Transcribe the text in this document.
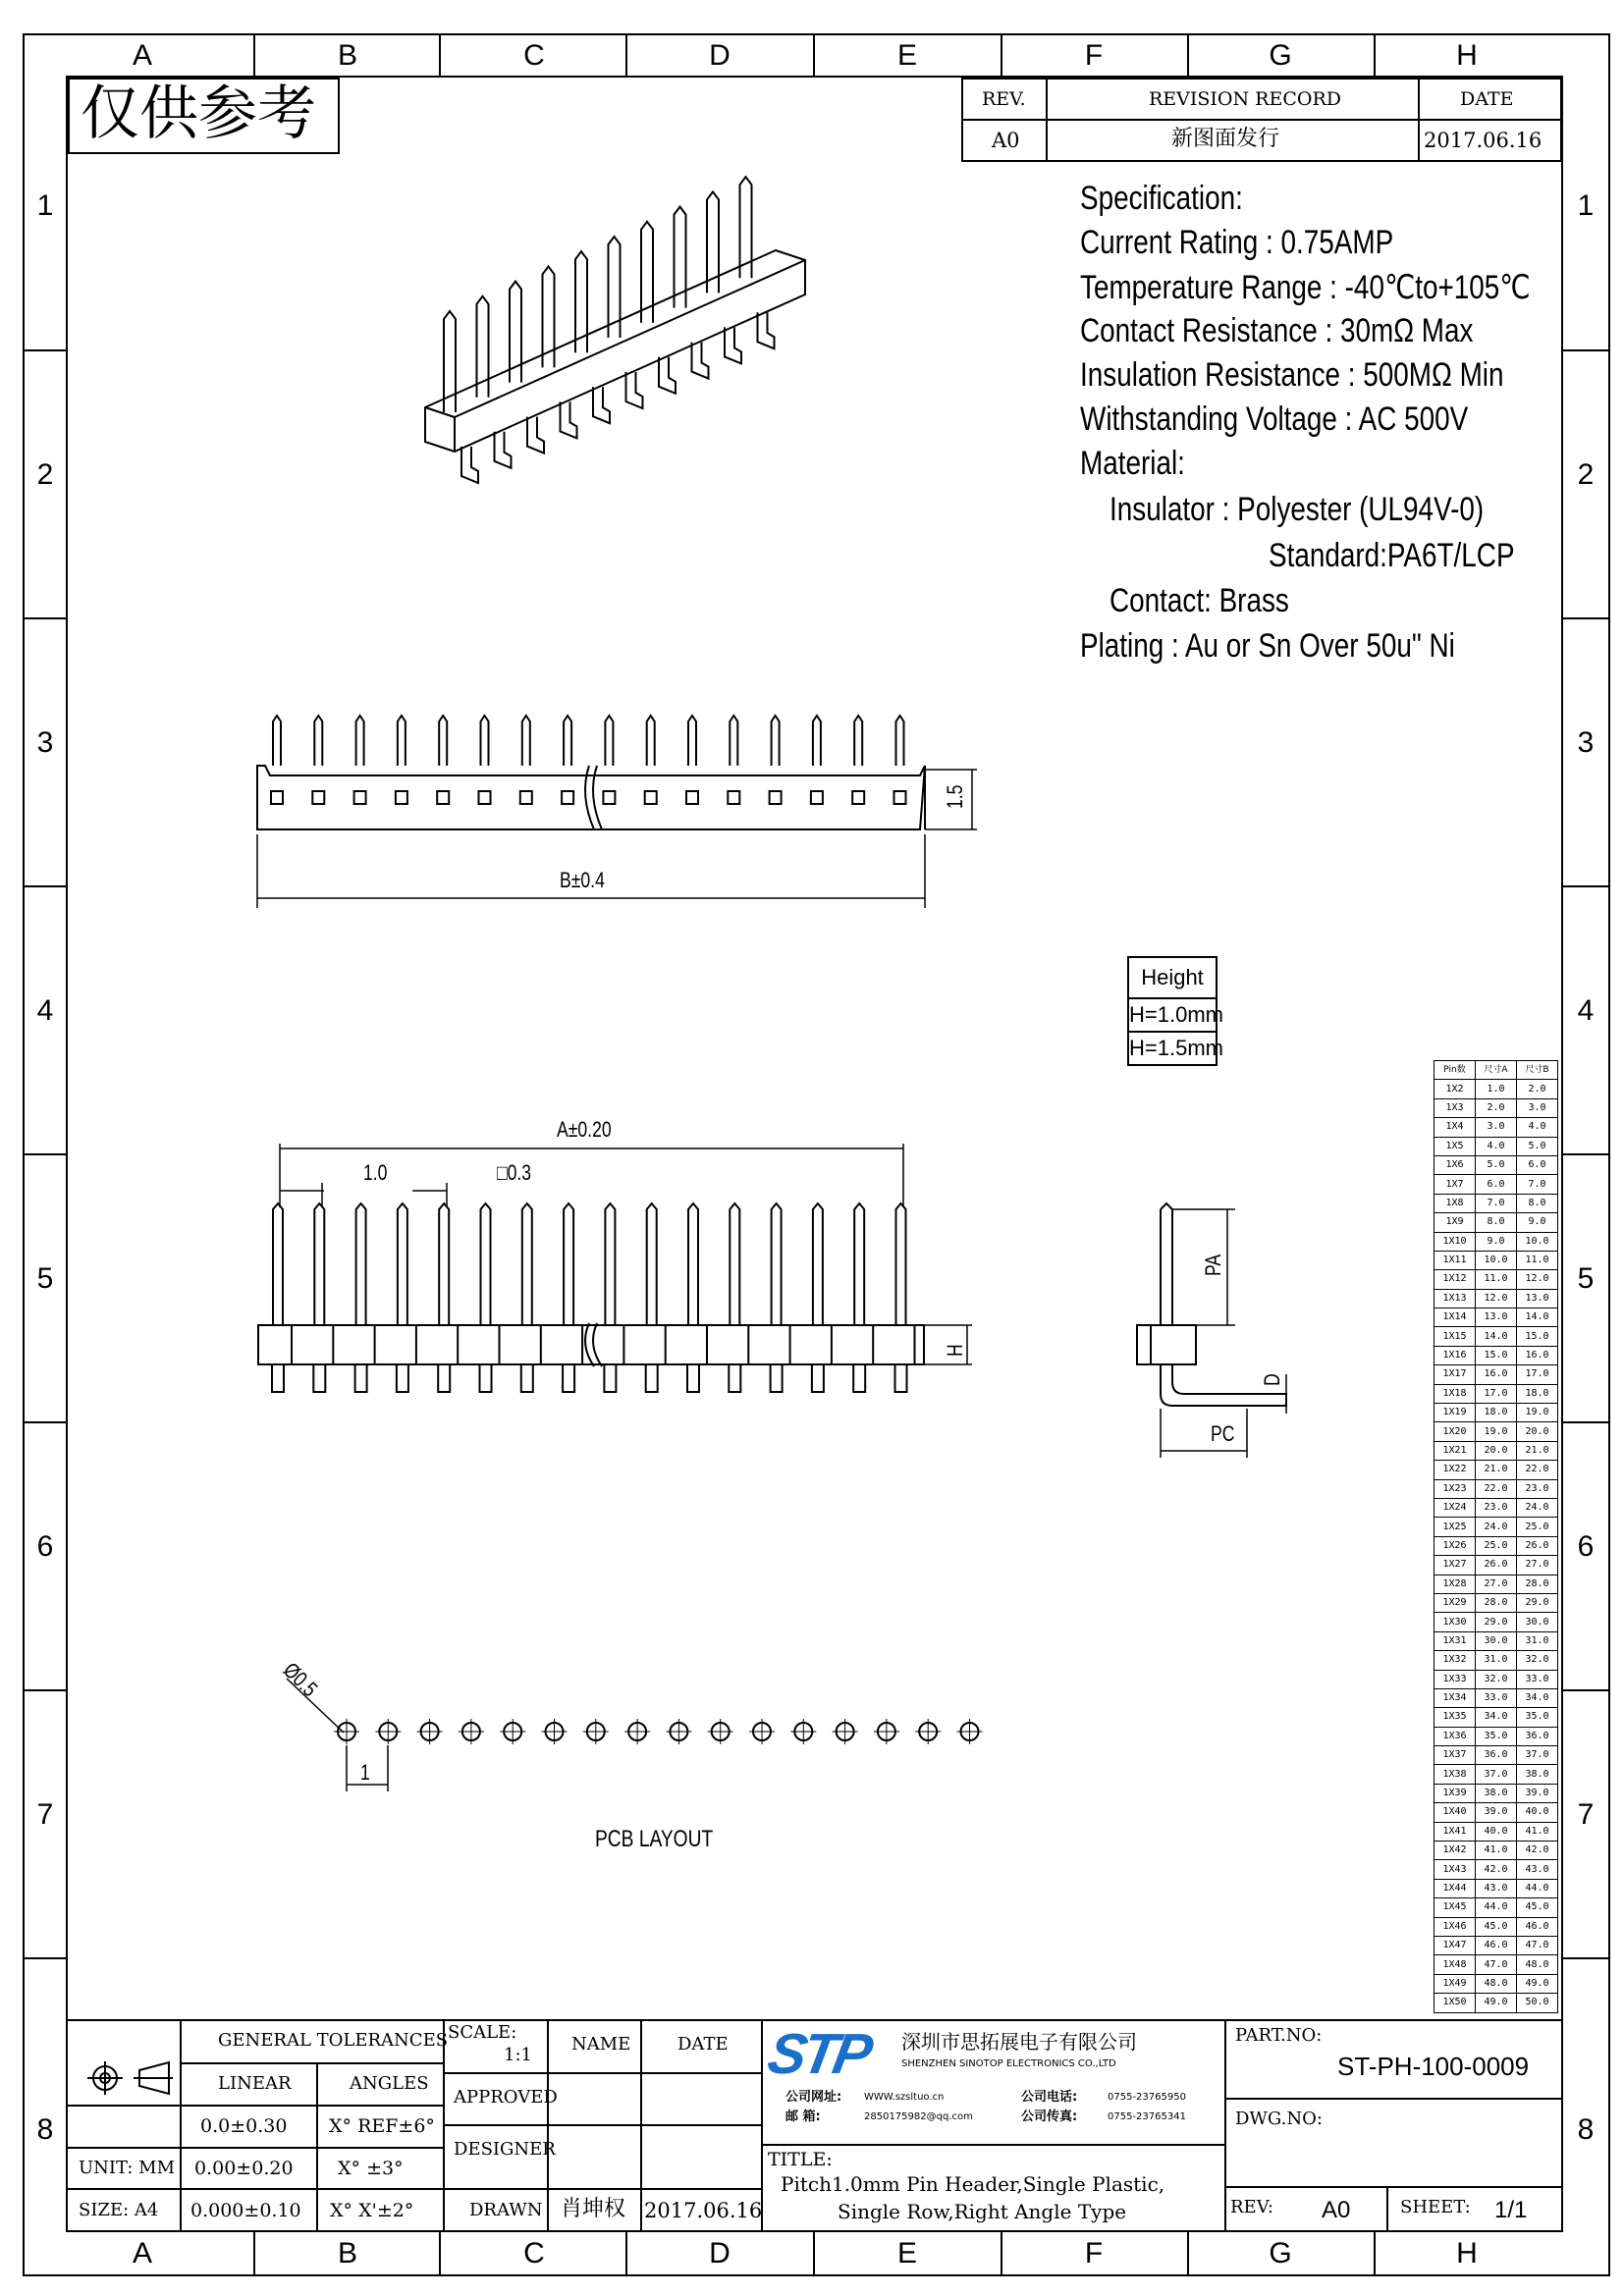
A	B	C	D	E	F	G	H
A	B	C	D	E	F	G	H
1
2
3
4
5
6
7
8
1
2
3
4
5
6
7
8
仅供参考	REV.	REVISION RECORD	DATE
A0	新图面发行	2017.06.16
Specification:
Current Rating : 0.75AMP
Temperature Range : -40℃to+105℃
Contact Resistance : 30mΩ Max
Insulation Resistance : 500MΩ Min
Withstanding Voltage : AC 500V
Material:
Insulator : Polyester (UL94V-0)
Standard:PA6T/LCP
Contact: Brass
Plating : Au or Sn Over 50u" Ni
B±0.4
1.5
A±0.20
1.0	□0.3
H
PA
D
PC
Ø0.5
1
PCB LAYOUT
Height
H=1.0mm
H=1.5mm
Pin数	尺寸A	尺寸B
1X2	1.0	2.0
1X3	2.0	3.0
1X4	3.0	4.0
1X5	4.0	5.0
1X6	5.0	6.0
1X7	6.0	7.0
1X8	7.0	8.0
1X9	8.0	9.0
1X10	9.0	10.0
1X11	10.0	11.0
1X12	11.0	12.0
1X13	12.0	13.0
1X14	13.0	14.0
1X15	14.0	15.0
1X16	15.0	16.0
1X17	16.0	17.0
1X18	17.0	18.0
1X19	18.0	19.0
1X20	19.0	20.0
1X21	20.0	21.0
1X22	21.0	22.0
1X23	22.0	23.0
1X24	23.0	24.0
1X25	24.0	25.0
1X26	25.0	26.0
1X27	26.0	27.0
1X28	27.0	28.0
1X29	28.0	29.0
1X30	29.0	30.0
1X31	30.0	31.0
1X32	31.0	32.0
1X33	32.0	33.0
1X34	33.0	34.0
1X35	34.0	35.0
1X36	35.0	36.0
1X37	36.0	37.0
1X38	37.0	38.0
1X39	38.0	39.0
1X40	39.0	40.0
1X41	40.0	41.0
1X42	41.0	42.0
1X43	42.0	43.0
1X44	43.0	44.0
1X45	44.0	45.0
1X46	45.0	46.0
1X47	46.0	47.0
1X48	47.0	48.0
1X49	48.0	49.0
1X50	49.0	50.0
GENERAL TOLERANCES
LINEAR	ANGLES
0.0±0.30 X° REF±6°
UNIT: MM 0.00±0.20 X° ±3°
SIZE: A4 0.000±0.10 X° X'±2°
SCALE:
1:1
NAME	DATE
APPROVED
DESIGNER
DRAWN 肖坤权 2017.06.16
STP 深圳市思拓展电子有限公司
SHENZHEN SINOTOP ELECTRONICS CO.,LTD
公司网址: WWW.szsltuo.cn	公司电话:	0755-23765950
邮 箱:	2850175982@qq.com	公司传真:	0755-23765341
TITLE:
Pitch1.0mm Pin Header,Single Plastic,
Single Row,Right Angle Type
PART.NO:
ST-PH-100-0009
DWG.NO:
REV: A0	SHEET: 1/1
